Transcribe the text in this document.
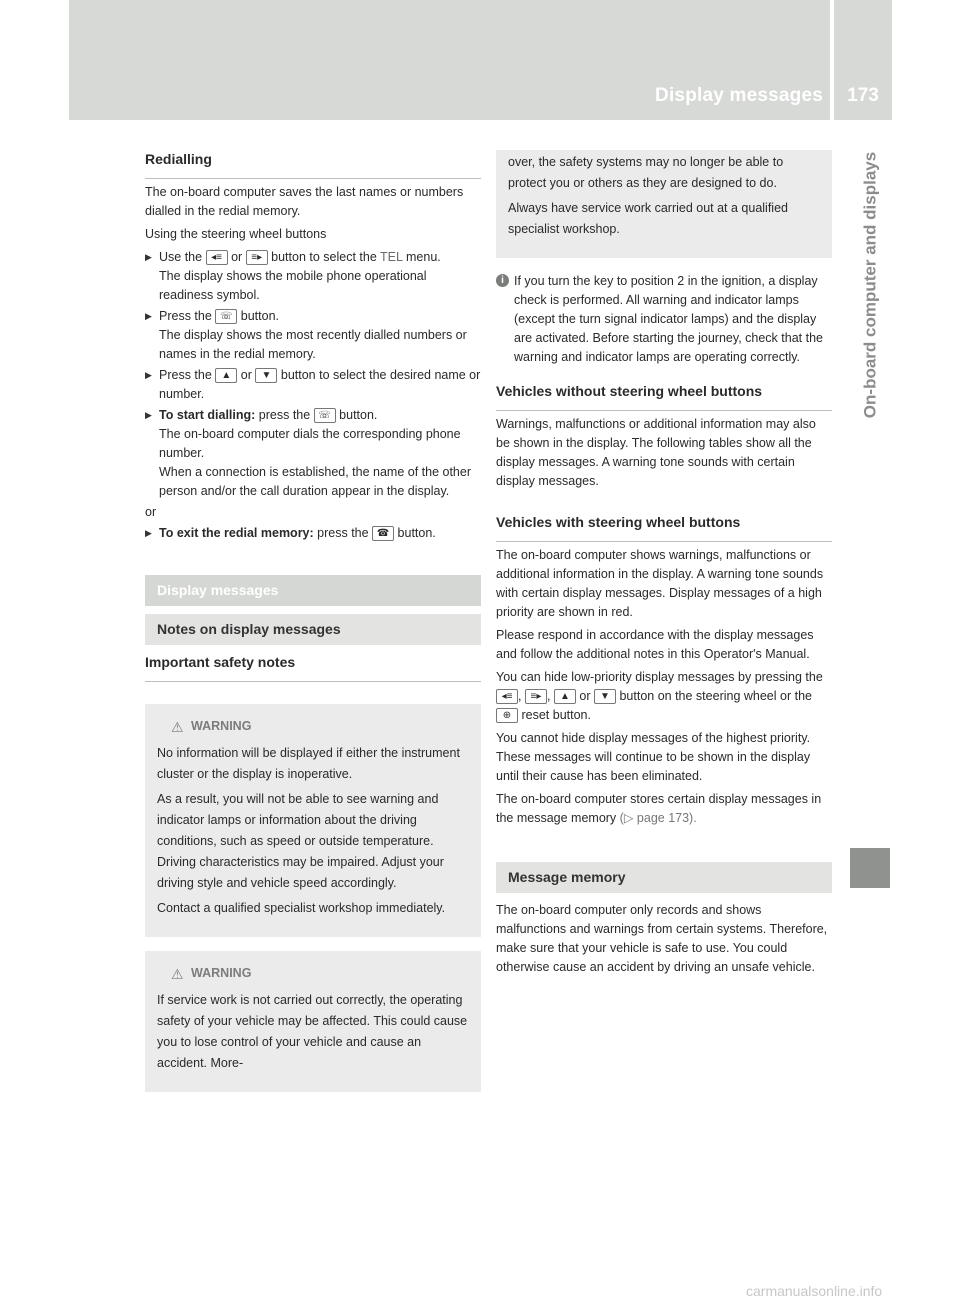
Display messages	173
On-board computer and displays
Redialling

The on-board computer saves the last names or numbers dialled in the redial memory.

Using the steering wheel buttons

▶ Use the ◂≡ or ≡▸ button to select the TEL menu.
The display shows the mobile phone operational readiness symbol.
▶ Press the ☏ button.
The display shows the most recently dialled numbers or names in the redial memory.
▶ Press the ▲ or ▼ button to select the desired name or number.
▶ To start dialling: press the ☏ button.
The on-board computer dials the corresponding phone number.
When a connection is established, the name of the other person and/or the call duration appear in the display.
or
▶ To exit the redial memory: press the ☎ button.
Display messages
Notes on display messages
Important safety notes
⚠ WARNING

No information will be displayed if either the instrument cluster or the display is inoperative.

As a result, you will not be able to see warning and indicator lamps or information about the driving conditions, such as speed or outside temperature. Driving characteristics may be impaired. Adjust your driving style and vehicle speed accordingly.

Contact a qualified specialist workshop immediately.

⚠ WARNING

If service work is not carried out correctly, the operating safety of your vehicle may be affected. This could cause you to lose control of your vehicle and cause an accident. More-

over, the safety systems may no longer be able to protect you or others as they are designed to do.

Always have service work carried out at a qualified specialist workshop.

i If you turn the key to position 2 in the ignition, a display check is performed. All warning and indicator lamps (except the turn signal indicator lamps) and the display are activated. Before starting the journey, check that the warning and indicator lamps are operating correctly.
Vehicles without steering wheel buttons

Warnings, malfunctions or additional information may also be shown in the display. The following tables show all the display messages. A warning tone sounds with certain display messages.

Vehicles with steering wheel buttons

The on-board computer shows warnings, malfunctions or additional information in the display. A warning tone sounds with certain display messages. Display messages of a high priority are shown in red.

Please respond in accordance with the display messages and follow the additional notes in this Operator's Manual.

You can hide low-priority display messages by pressing the ◂≡ , ≡▸ , ▲ or ▼ button on the steering wheel or the ⊕ reset button.

You cannot hide display messages of the highest priority. These messages will continue to be shown in the display until their cause has been eliminated.

The on-board computer stores certain display messages in the message memory (▷ page 173).

Message memory

The on-board computer only records and shows malfunctions and warnings from certain systems. Therefore, make sure that your vehicle is safe to use. You could otherwise cause an accident by driving an unsafe vehicle.

carmanualsonline.info
